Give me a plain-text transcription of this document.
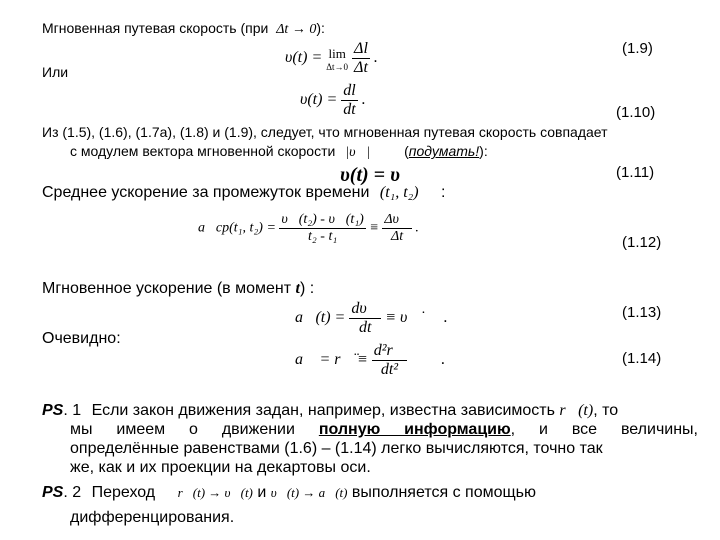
Мгновенная путевая скорость (при Δt → 0):
υ(t) = lim
Δt→0
$\frac{\Delta l}{\Delta t}$ .
(1.9)
Или
$\upsilon(t) = \frac{dl}{dt}$ .
(1.10)
Из (1.5), (1.6), (1.7а), (1.8) и (1.9), следует, что мгновенная путевая скорость совпадает
с модулем вектора мгновенной скорости |υ⃗| (подумать!):
υ(t) = υ	(1.11)
Среднее ускорение за промежуток времени (t₁, t₂) :
a⃗cp(t₁, $t_2) = \frac{\text{υ⃗(t₂) - υ⃗(t₁)}}{\text{t₂ - t₁}} \equiv \frac{\Delta\upsilon⃗}{\Delta t}$ .
(1.12)
Мгновенное ускорение (в момент t) :
a⃗(t) = $\frac{d\upsilon⃗}{dt}$ ≡ υ⃗̇ .	(1.13)
Очевидно:
a⃗ = r⃗̈ ≡ $\frac{\text{d²r⃗}}{\text{dt²}}$ .	(1.14)
PS. 1 Если закон движения задан, например, известна зависимость r⃗(t), то
мы имеем о движении полную информацию, и все величины,
определённые равенствами (1.6) – (1.14) легко вычисляются, точно так
же, как и их проекции на декартовы оси.
PS. 2 Переход r⃗(t) → υ⃗(t) и υ⃗(t) → a⃗(t) выполняется с помощью
дифференцирования.
